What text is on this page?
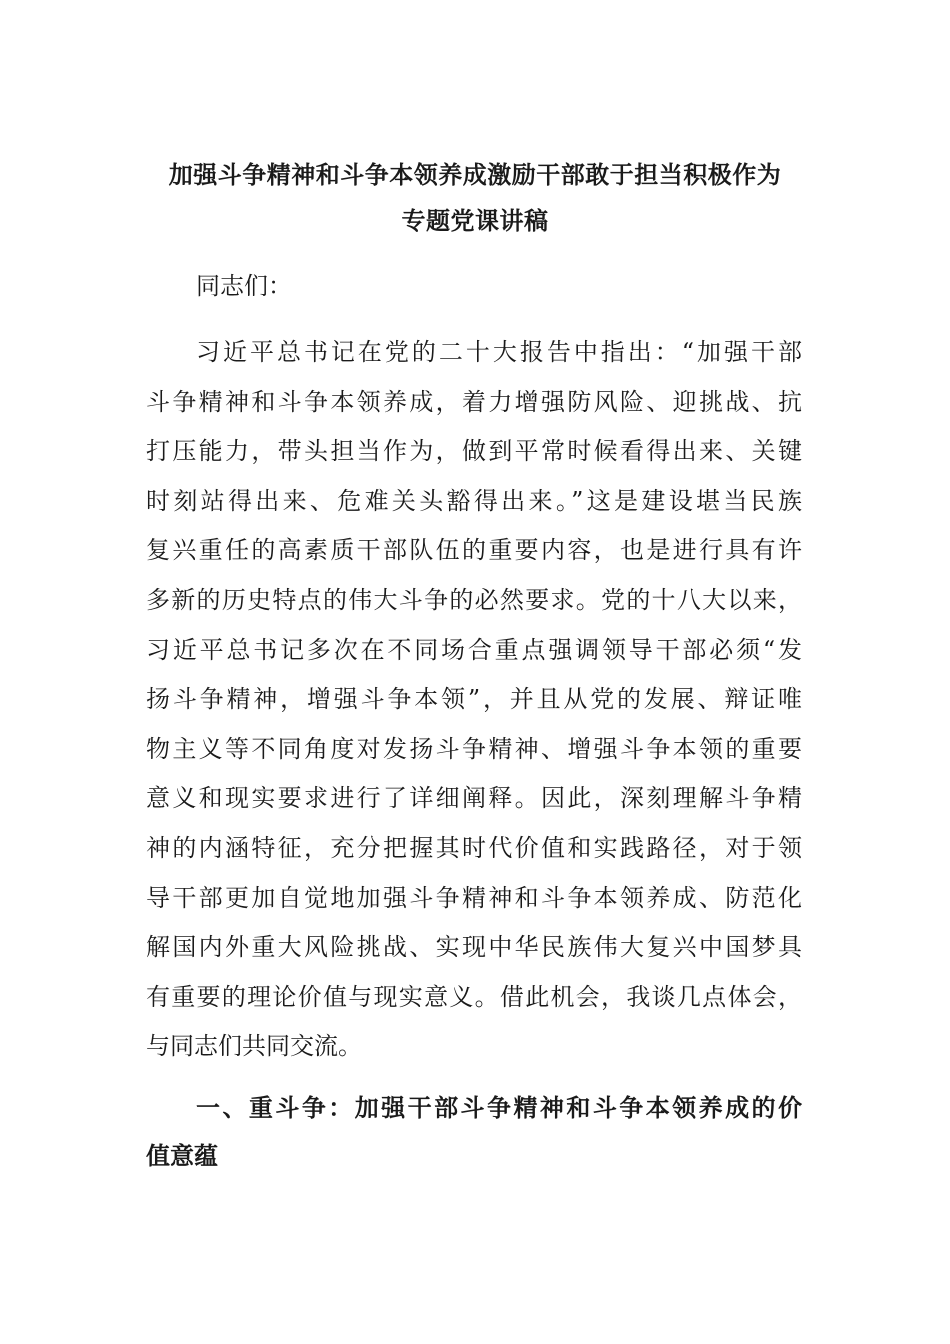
加强斗争精神和斗争本领养成激励干部敢于担当积极作为
专题党课讲稿

同志们：

习近平总书记在党的二十大报告中指出：“加强干部
斗争精神和斗争本领养成，着力增强防风险、迎挑战、抗
打压能力，带头担当作为，做到平常时候看得出来、关键
时刻站得出来、危难关头豁得出来。”这是建设堪当民族
复兴重任的高素质干部队伍的重要内容，也是进行具有许
多新的历史特点的伟大斗争的必然要求。党的十八大以来，
习近平总书记多次在不同场合重点强调领导干部必须“发
扬斗争精神，增强斗争本领”，并且从党的发展、辩证唯
物主义等不同角度对发扬斗争精神、增强斗争本领的重要
意义和现实要求进行了详细阐释。因此，深刻理解斗争精
神的内涵特征，充分把握其时代价值和实践路径，对于领
导干部更加自觉地加强斗争精神和斗争本领养成、防范化
解国内外重大风险挑战、实现中华民族伟大复兴中国梦具
有重要的理论价值与现实意义。借此机会，我谈几点体会，
与同志们共同交流。

一、重斗争：加强干部斗争精神和斗争本领养成的价
值意蕴
